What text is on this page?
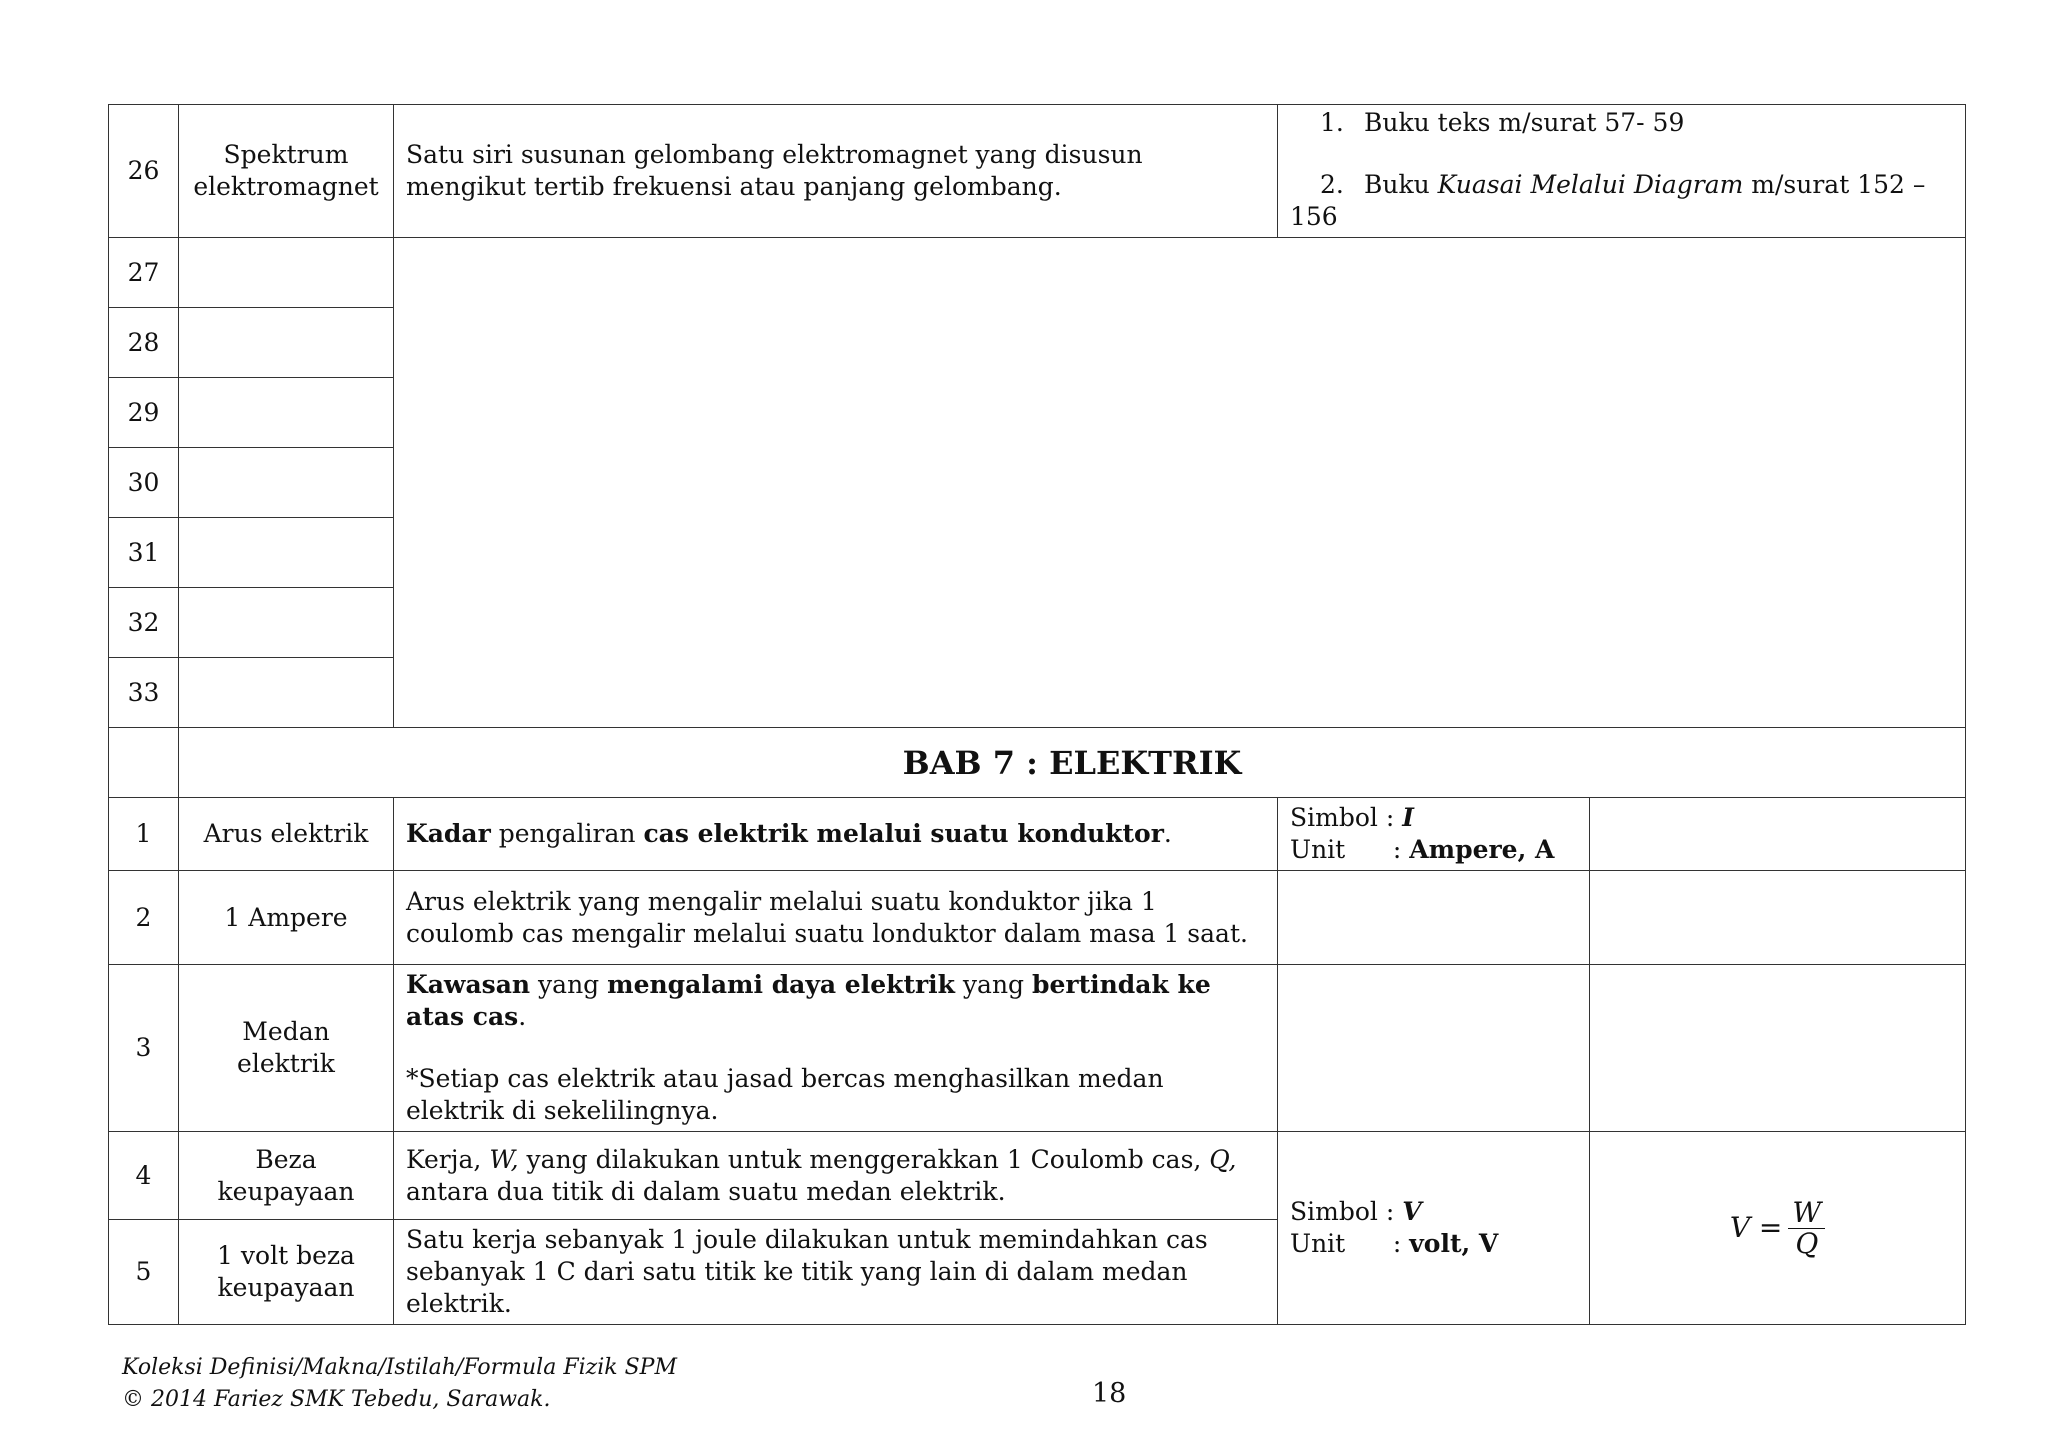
26	Spektrum elektromagnet	Satu siri susunan gelombang elektromagnet yang disusun mengikut tertib frekuensi atau panjang gelombang.	1. Buku teks m/surat 57- 59
2. Buku Kuasai Melalui Diagram m/surat 152 – 156	

27				
28				
29				
30				
31				
32				
33				
	BAB 7 : ELEKTRIK			
1	Arus elektrik	Kadar pengaliran cas elektrik melalui suatu konduktor.	Simbol : I
Unit      : Ampere, A	
2	1 Ampere	Arus elektrik yang mengalir melalui suatu konduktor jika 1 coulomb cas mengalir melalui suatu londuktor dalam masa 1 saat.		
3	Medan elektrik	Kawasan yang mengalami daya elektrik yang bertindak ke atas cas.
*Setiap cas elektrik atau jasad bercas menghasilkan medan elektrik di sekelilingnya.		
4	Beza keupayaan	Kerja, W, yang dilakukan untuk menggerakkan 1 Coulomb cas, Q, antara dua titik di dalam suatu medan elektrik.	Simbol : V
Unit      : volt, V	$V = \frac{W}{Q}$

5	1 volt beza keupayaan	Satu kerja sebanyak 1 joule dilakukan untuk memindahkan cas sebanyak 1 C dari satu titik ke titik yang lain di dalam medan elektrik.		
Koleksi Definisi/Makna/Istilah/Formula Fizik SPM
© 2014 Fariez SMK Tebedu, Sarawak.	18
